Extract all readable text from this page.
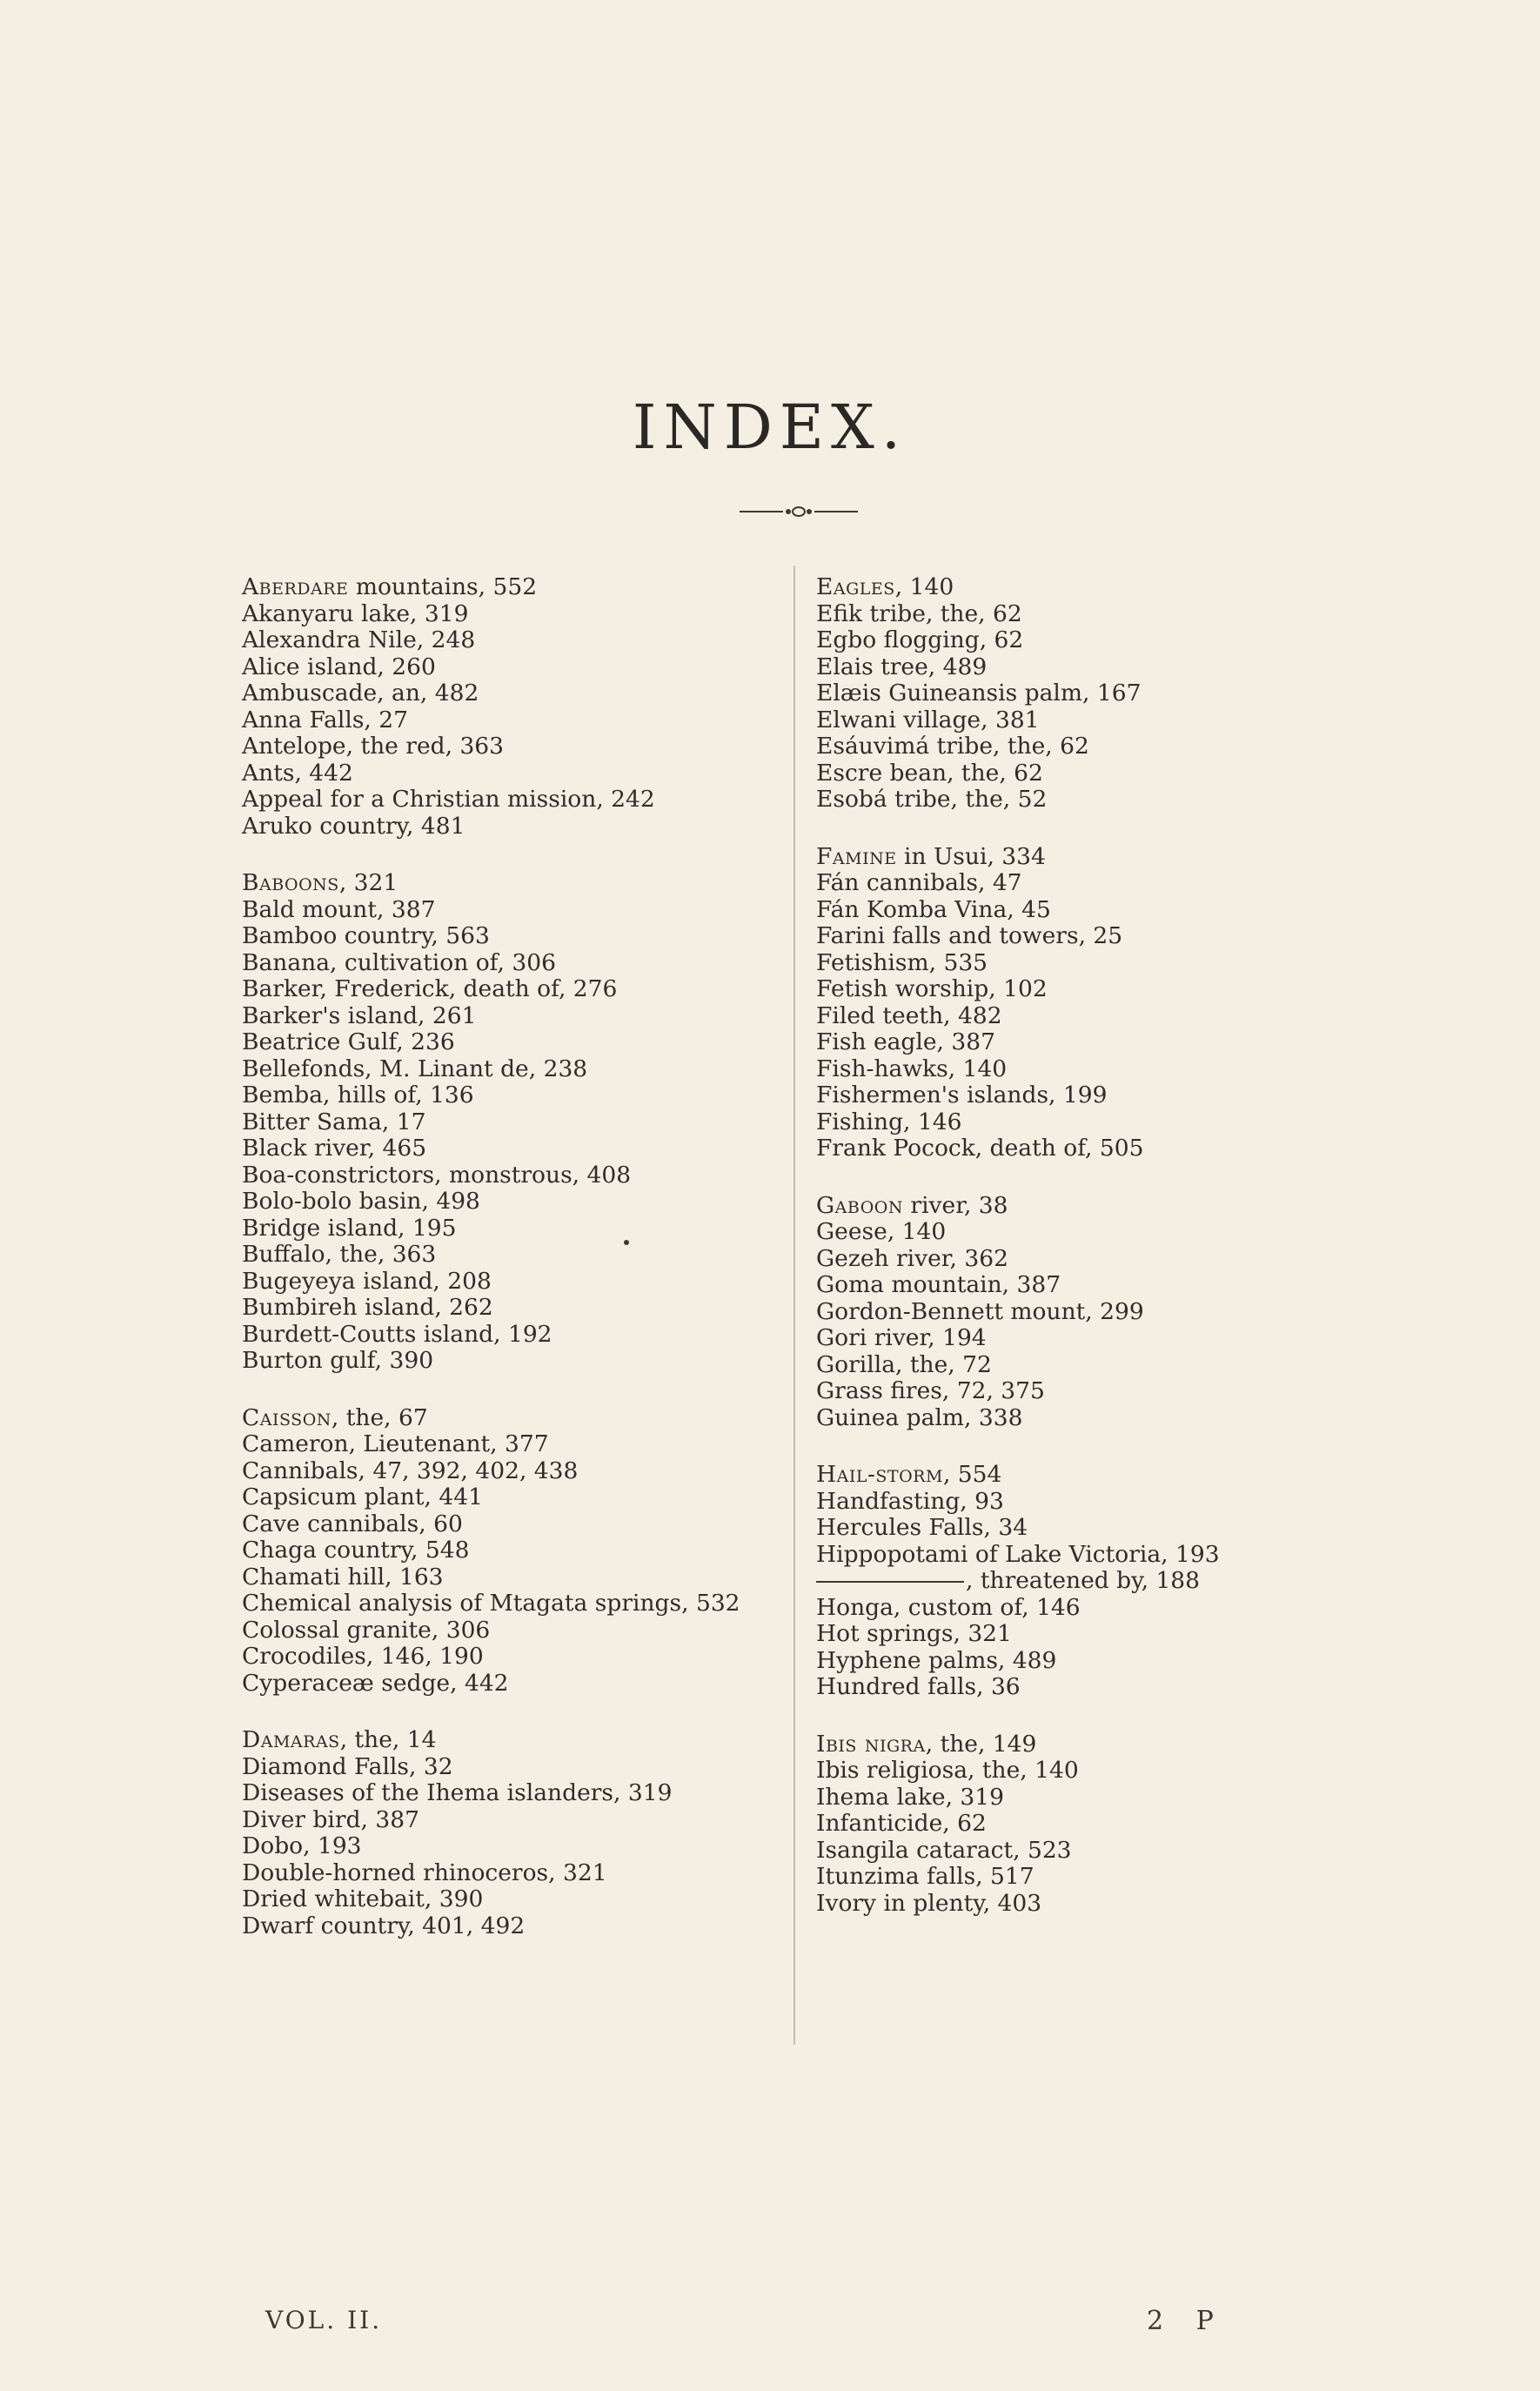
INDEX.
Aberdare mountains, 552
Akanyaru lake, 319
Alexandra Nile, 248
Alice island, 260
Ambuscade, an, 482
Anna Falls, 27
Antelope, the red, 363
Ants, 442
Appeal for a Christian mission, 242
Aruko country, 481
Baboons, 321
Bald mount, 387
Bamboo country, 563
Banana, cultivation of, 306
Barker, Frederick, death of, 276
Barker's island, 261
Beatrice Gulf, 236
Bellefonds, M. Linant de, 238
Bemba, hills of, 136
Bitter Sama, 17
Black river, 465
Boa-constrictors, monstrous, 408
Bolo-bolo basin, 498
Bridge island, 195
Buffalo, the, 363
Bugeyeya island, 208
Bumbireh island, 262
Burdett-Coutts island, 192
Burton gulf, 390
Caisson, the, 67
Cameron, Lieutenant, 377
Cannibals, 47, 392, 402, 438
Capsicum plant, 441
Cave cannibals, 60
Chaga country, 548
Chamati hill, 163
Chemical analysis of Mtagata springs, 532
Colossal granite, 306
Crocodiles, 146, 190
Cyperaceæ sedge, 442
Damaras, the, 14
Diamond Falls, 32
Diseases of the Ihema islanders, 319
Diver bird, 387
Dobo, 193
Double-horned rhinoceros, 321
Dried whitebait, 390
Dwarf country, 401, 492
Eagles, 140
Efik tribe, the, 62
Egbo flogging, 62
Elais tree, 489
Elæis Guineansis palm, 167
Elwani village, 381
Esáuvimá tribe, the, 62
Escre bean, the, 62
Esobá tribe, the, 52
Famine in Usui, 334
Fán cannibals, 47
Fán Komba Vina, 45
Farini falls and towers, 25
Fetishism, 535
Fetish worship, 102
Filed teeth, 482
Fish eagle, 387
Fish-hawks, 140
Fishermen's islands, 199
Fishing, 146
Frank Pocock, death of, 505
Gaboon river, 38
Geese, 140
Gezeh river, 362
Goma mountain, 387
Gordon-Bennett mount, 299
Gori river, 194
Gorilla, the, 72
Grass fires, 72, 375
Guinea palm, 338
Hail-storm, 554
Handfasting, 93
Hercules Falls, 34
Hippopotami of Lake Victoria, 193
, threatened by, 188
Honga, custom of, 146
Hot springs, 321
Hyphene palms, 489
Hundred falls, 36
Ibis nigra, the, 149
Ibis religiosa, the, 140
Ihema lake, 319
Infanticide, 62
Isangila cataract, 523
Itunzima falls, 517
Ivory in plenty, 403
VOL. II.	2 P
